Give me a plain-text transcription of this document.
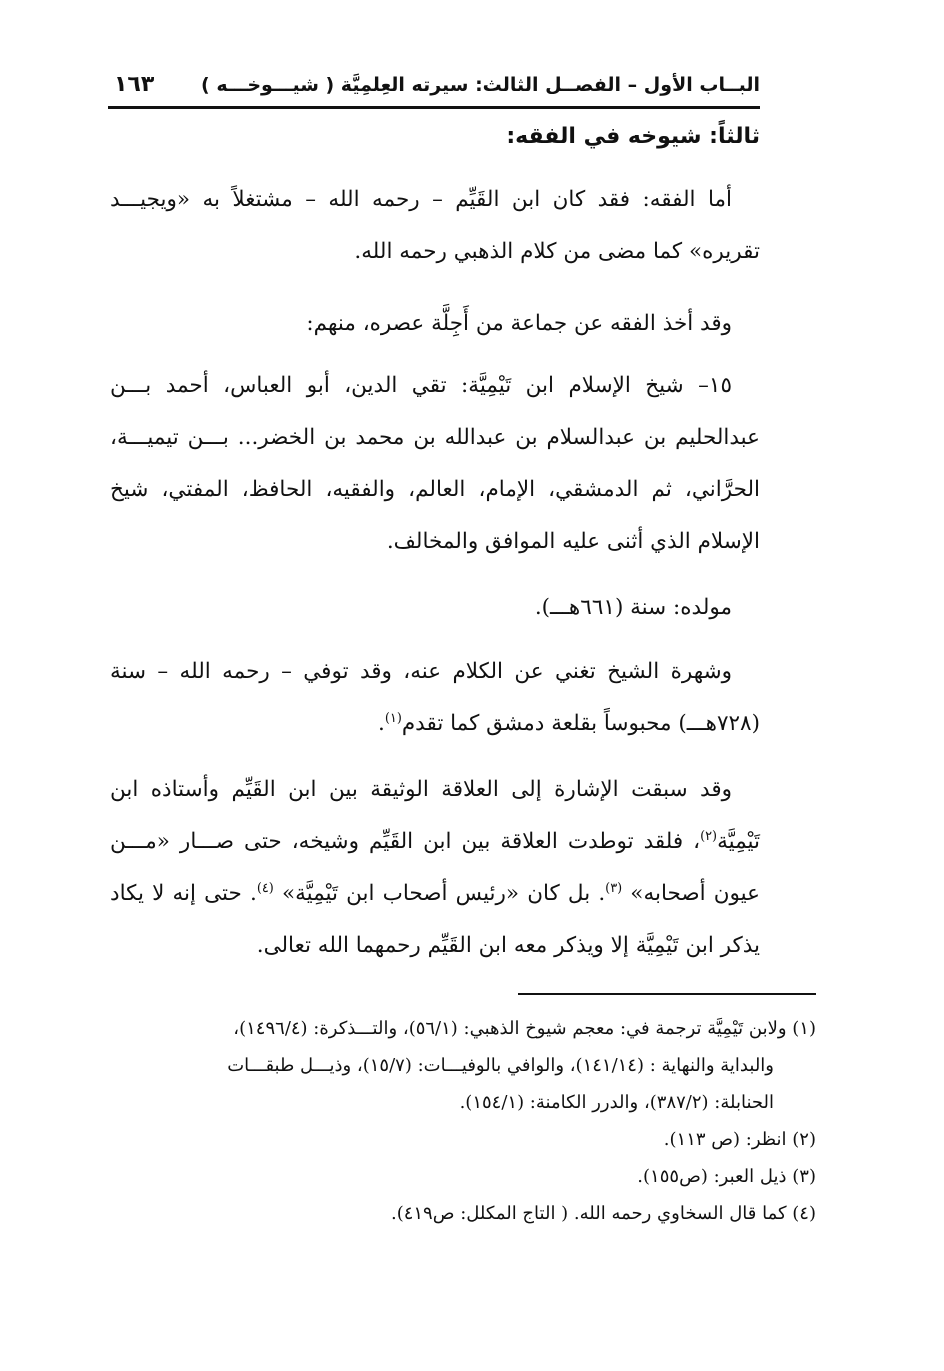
١٦٣ البــاب الأول – الفصــل الثالث: سيرته العِلمِيَّة ( شيـــوخـــه )
ثالثاً: شيوخه في الفقه:

أما الفقه: فقد كان ابن القَيِّم – رحمه الله – مشتغلاً به «ويجيـــد تقريره» كما مضى من كلام الذهبي رحمه الله.

وقد أخذ الفقه عن جماعة من أَجِلَّة عصره، منهم:

١٥– شيخ الإسلام ابن تَيْمِيَّة: تقي الدين، أبو العباس، أحمد بـــن عبدالحليم بن عبدالسلام بن عبدالله بن محمد بن الخضر... بـــن تيميـــة، الحرَّاني، ثم الدمشقي، الإمام، العالم، والفقيه، الحافظ، المفتي، شيخ الإسلام الذي أثنى عليه الموافق والمخالف.

مولده: سنة (٦٦١هـــ).

وشهرة الشيخ تغني عن الكلام عنه، وقد توفي – رحمه الله – سنة (٧٢٨هـــ) محبوساً بقلعة دمشق كما تقدم$^{(١)}$.

وقد سبقت الإشارة إلى العلاقة الوثيقة بين ابن القَيِّم وأستاذه ابن تَيْمِيَّة$^{(٢)}$، فلقد توطدت العلاقة بين ابن القَيِّم وشيخه، حتى صـــار «مـــن عيون أصحابه» $^{(٣)}$. بل كان «رئيس أصحاب ابن تَيْمِيَّة» $^{(٤)}$. حتى إنه لا يكاد يذكر ابن تَيْمِيَّة إلا ويذكر معه ابن القَيِّم رحمهما الله تعالى.

(١) ولابن تَيْمِيَّة ترجمة في: معجم شيوخ الذهبي: (٥٦/١)، والتـــذكرة: (١٤٩٦/٤)،

والبداية والنهاية : (١٤١/١٤)، والوافي بالوفيـــات: (١٥/٧)، وذيـــل طبقـــات

الحنابلة: (٣٨٧/٢)، والدرر الكامنة: (١٥٤/١).

(٢) انظر: (ص ١١٣).

(٣) ذيل العبر: (ص١٥٥).

(٤) كما قال السخاوي رحمه الله. ( التاج المكلل: ص٤١٩).
